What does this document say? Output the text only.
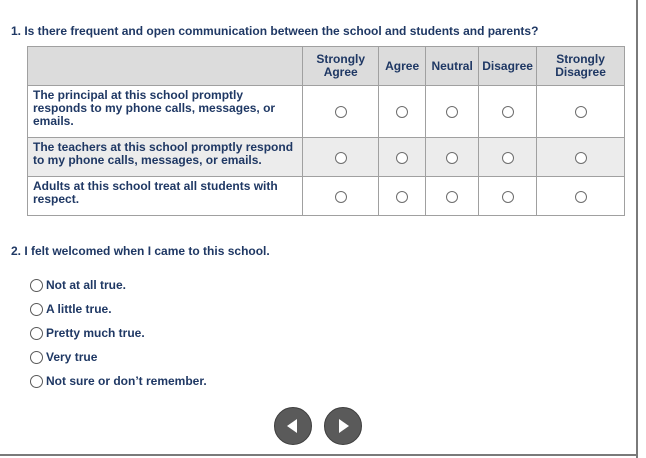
1. Is there frequent and open communication between the school and students and parents?
	Strongly Agree	Agree	Neutral	Disagree	Strongly Disagree
The principal at this school promptly responds to my phone calls, messages, or emails.					
The teachers at this school promptly respond to my phone calls, messages, or emails.					
Adults at this school treat all students with respect.					
2. I felt welcomed when I came to this school.
Not at all true.
A little true.
Pretty much true.
Very true
Not sure or don’t remember.
